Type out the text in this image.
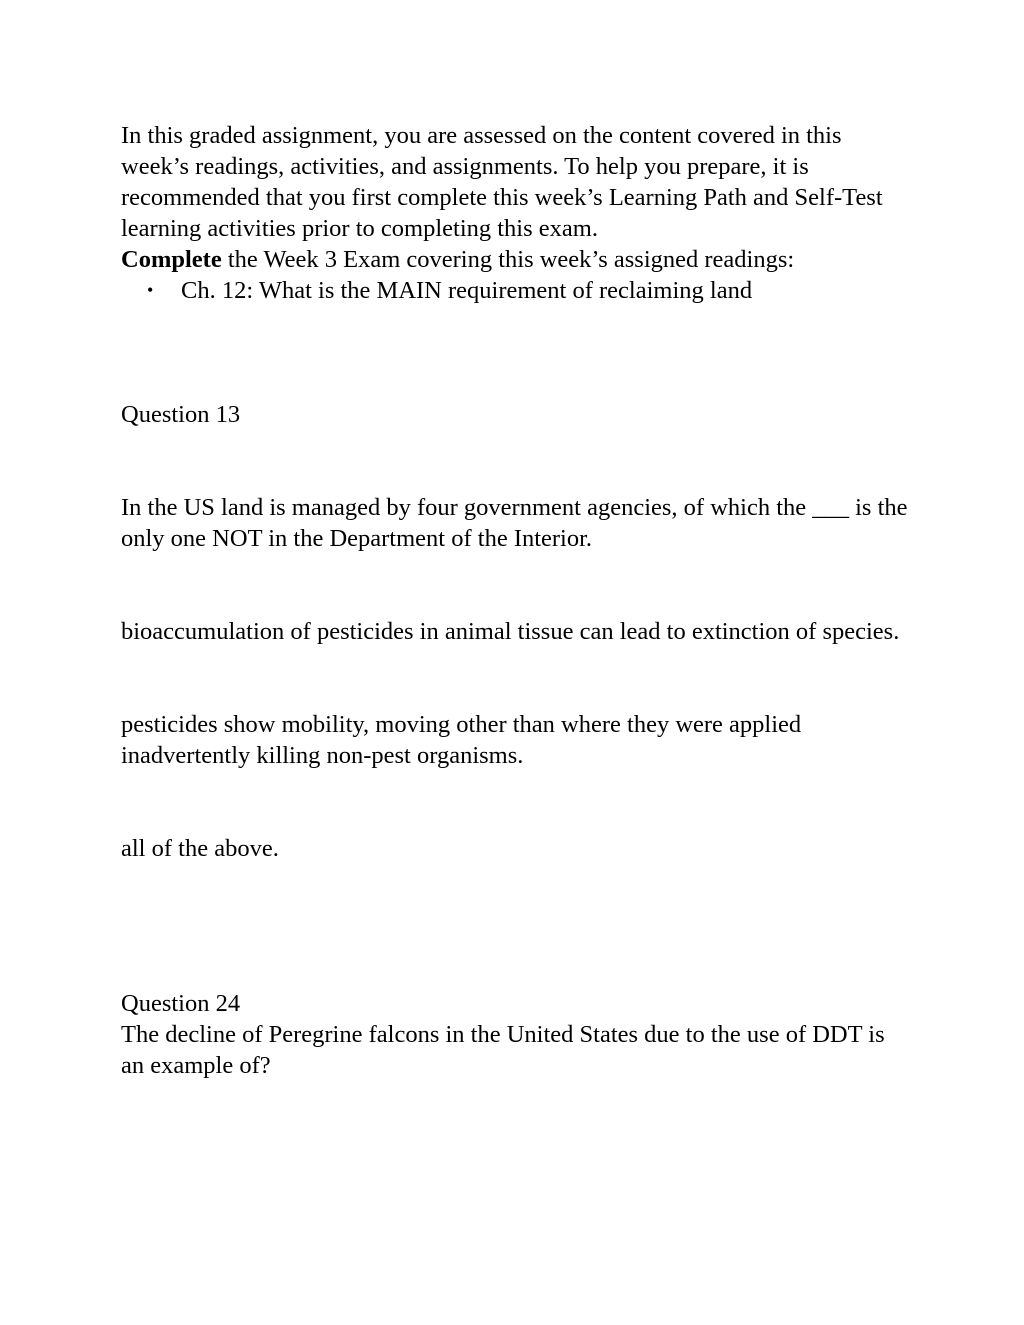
In this graded assignment, you are assessed on the content covered in this week’s readings, activities, and assignments. To help you prepare, it is recommended that you first complete this week’s Learning Path and Self-Test learning activities prior to completing this exam.

Complete the Week 3 Exam covering this week’s assigned readings:

• Ch. 12: What is the MAIN requirement of reclaiming land

Question 13

In the US land is managed by four government agencies, of which the ___ is the only one NOT in the Department of the Interior.

bioaccumulation of pesticides in animal tissue can lead to extinction of species.

pesticides show mobility, moving other than where they were applied inadvertently killing non-pest organisms.

all of the above.

Question 24

The decline of Peregrine falcons in the United States due to the use of DDT is an example of?
